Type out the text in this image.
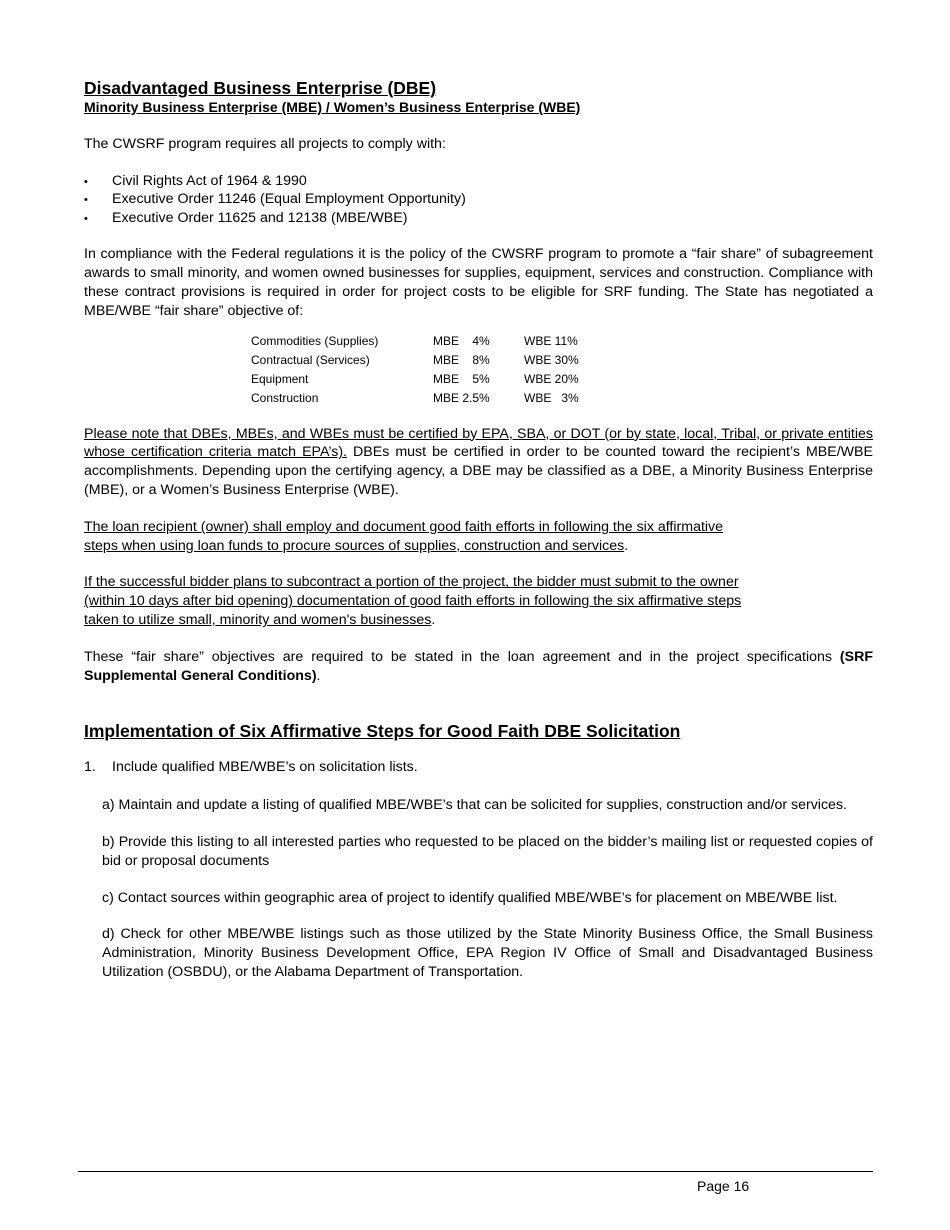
Disadvantaged Business Enterprise (DBE)
Minority Business Enterprise (MBE) / Women’s Business Enterprise (WBE)

The CWSRF program requires all projects to comply with:

• Civil Rights Act of 1964 & 1990
• Executive Order 11246 (Equal Employment Opportunity)
• Executive Order 11625 and 12138 (MBE/WBE)

In compliance with the Federal regulations it is the policy of the CWSRF program to promote a “fair share” of subagreement awards to small minority, and women owned businesses for supplies, equipment, services and construction. Compliance with these contract provisions is required in order for project costs to be eligible for SRF funding. The State has negotiated a MBE/WBE “fair share” objective of:

Commodities (Supplies)	MBE    4%	WBE 11%
Contractual (Services)	MBE    8%	WBE 30%
Equipment	MBE    5%	WBE 20%
Construction	MBE 2.5%	WBE   3%

Please note that DBEs, MBEs, and WBEs must be certified by EPA, SBA, or DOT (or by state, local, Tribal, or private entities whose certification criteria match EPA’s). DBEs must be certified in order to be counted toward the recipient’s MBE/WBE accomplishments. Depending upon the certifying agency, a DBE may be classified as a DBE, a Minority Business Enterprise (MBE), or a Women’s Business Enterprise (WBE).

The loan recipient (owner) shall employ and document good faith efforts in following the six affirmative
steps when using loan funds to procure sources of supplies, construction and services.

If the successful bidder plans to subcontract a portion of the project, the bidder must submit to the owner
(within 10 days after bid opening) documentation of good faith efforts in following the six affirmative steps
taken to utilize small, minority and women's businesses.

These “fair share” objectives are required to be stated in the loan agreement and in the project specifications (SRF Supplemental General Conditions).

Implementation of Six Affirmative Steps for Good Faith DBE Solicitation
1. Include qualified MBE/WBE’s on solicitation lists.

a) Maintain and update a listing of qualified MBE/WBE’s that can be solicited for supplies, construction and/or services.

b) Provide this listing to all interested parties who requested to be placed on the bidder’s mailing list or requested copies of bid or proposal documents

c) Contact sources within geographic area of project to identify qualified MBE/WBE’s for placement on MBE/WBE list.

d) Check for other MBE/WBE listings such as those utilized by the State Minority Business Office, the Small Business Administration, Minority Business Development Office, EPA Region IV Office of Small and Disadvantaged Business Utilization (OSBDU), or the Alabama Department of Transportation.

Page 16
